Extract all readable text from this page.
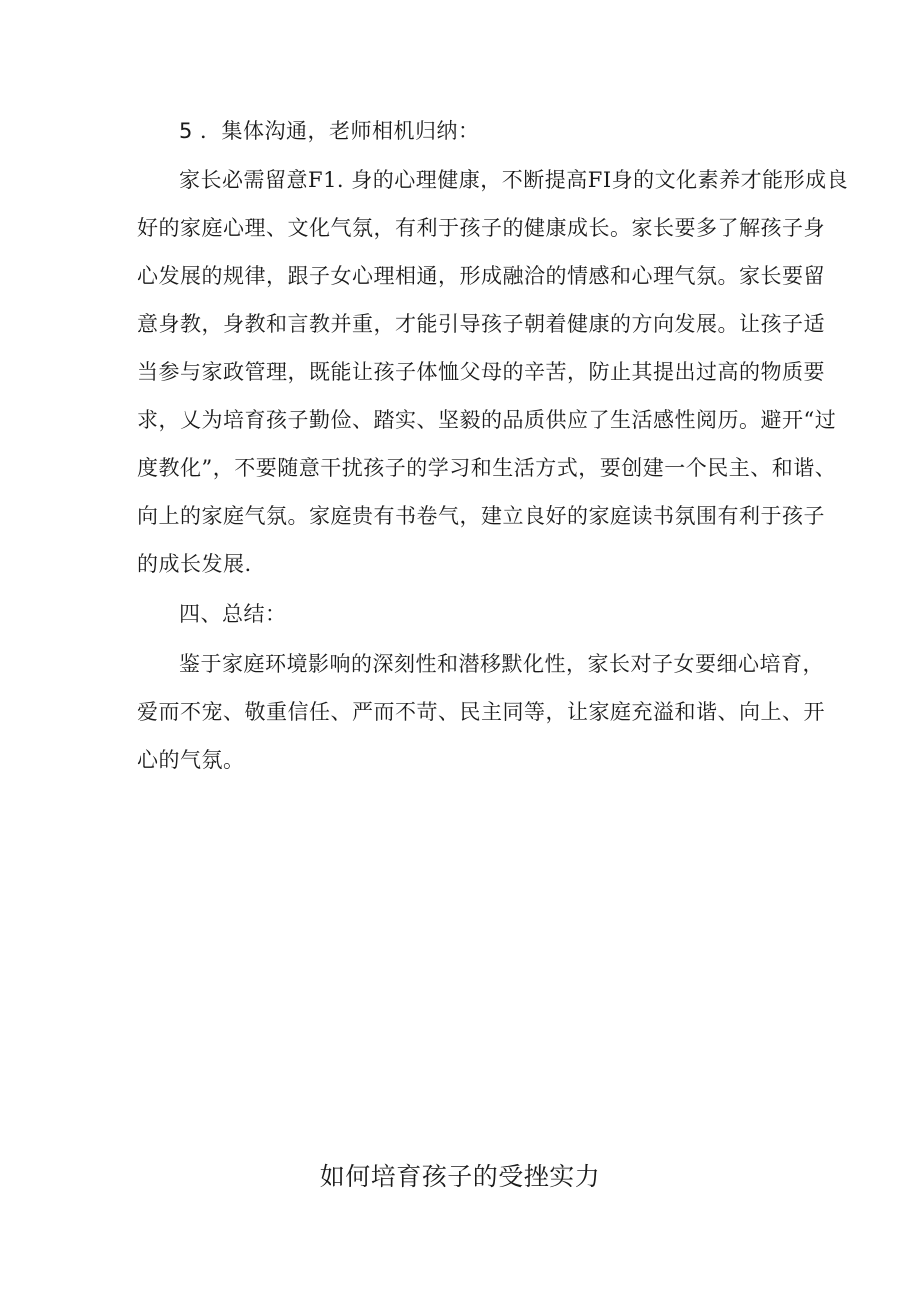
5 ．集体沟通，老师相机归纳：
家长必需留意F1. 身的心理健康，不断提高FI身的文化素养才能形成良
好的家庭心理、文化气氛，有利于孩子的健康成长。家长要多了解孩子身
心发展的规律，跟子女心理相通，形成融洽的情感和心理气氛。家长要留
意身教，身教和言教并重，才能引导孩子朝着健康的方向发展。让孩子适
当参与家政管理，既能让孩子体恤父母的辛苦，防止其提出过高的物质要
求，乂为培育孩子勤俭、踏实、坚毅的品质供应了生活感性阅历。避开“过
度教化”，不要随意干扰孩子的学习和生活方式，要创建一个民主、和谐、
向上的家庭气氛。家庭贵有书卷气，建立良好的家庭读书氛围有利于孩子
的成长发展.
四、总结：
鉴于家庭环境影响的深刻性和潜移默化性，家长对子女要细心培育，
爱而不宠、敬重信任、严而不苛、民主同等，让家庭充溢和谐、向上、开
心的气氛。
如何培育孩子的受挫实力
